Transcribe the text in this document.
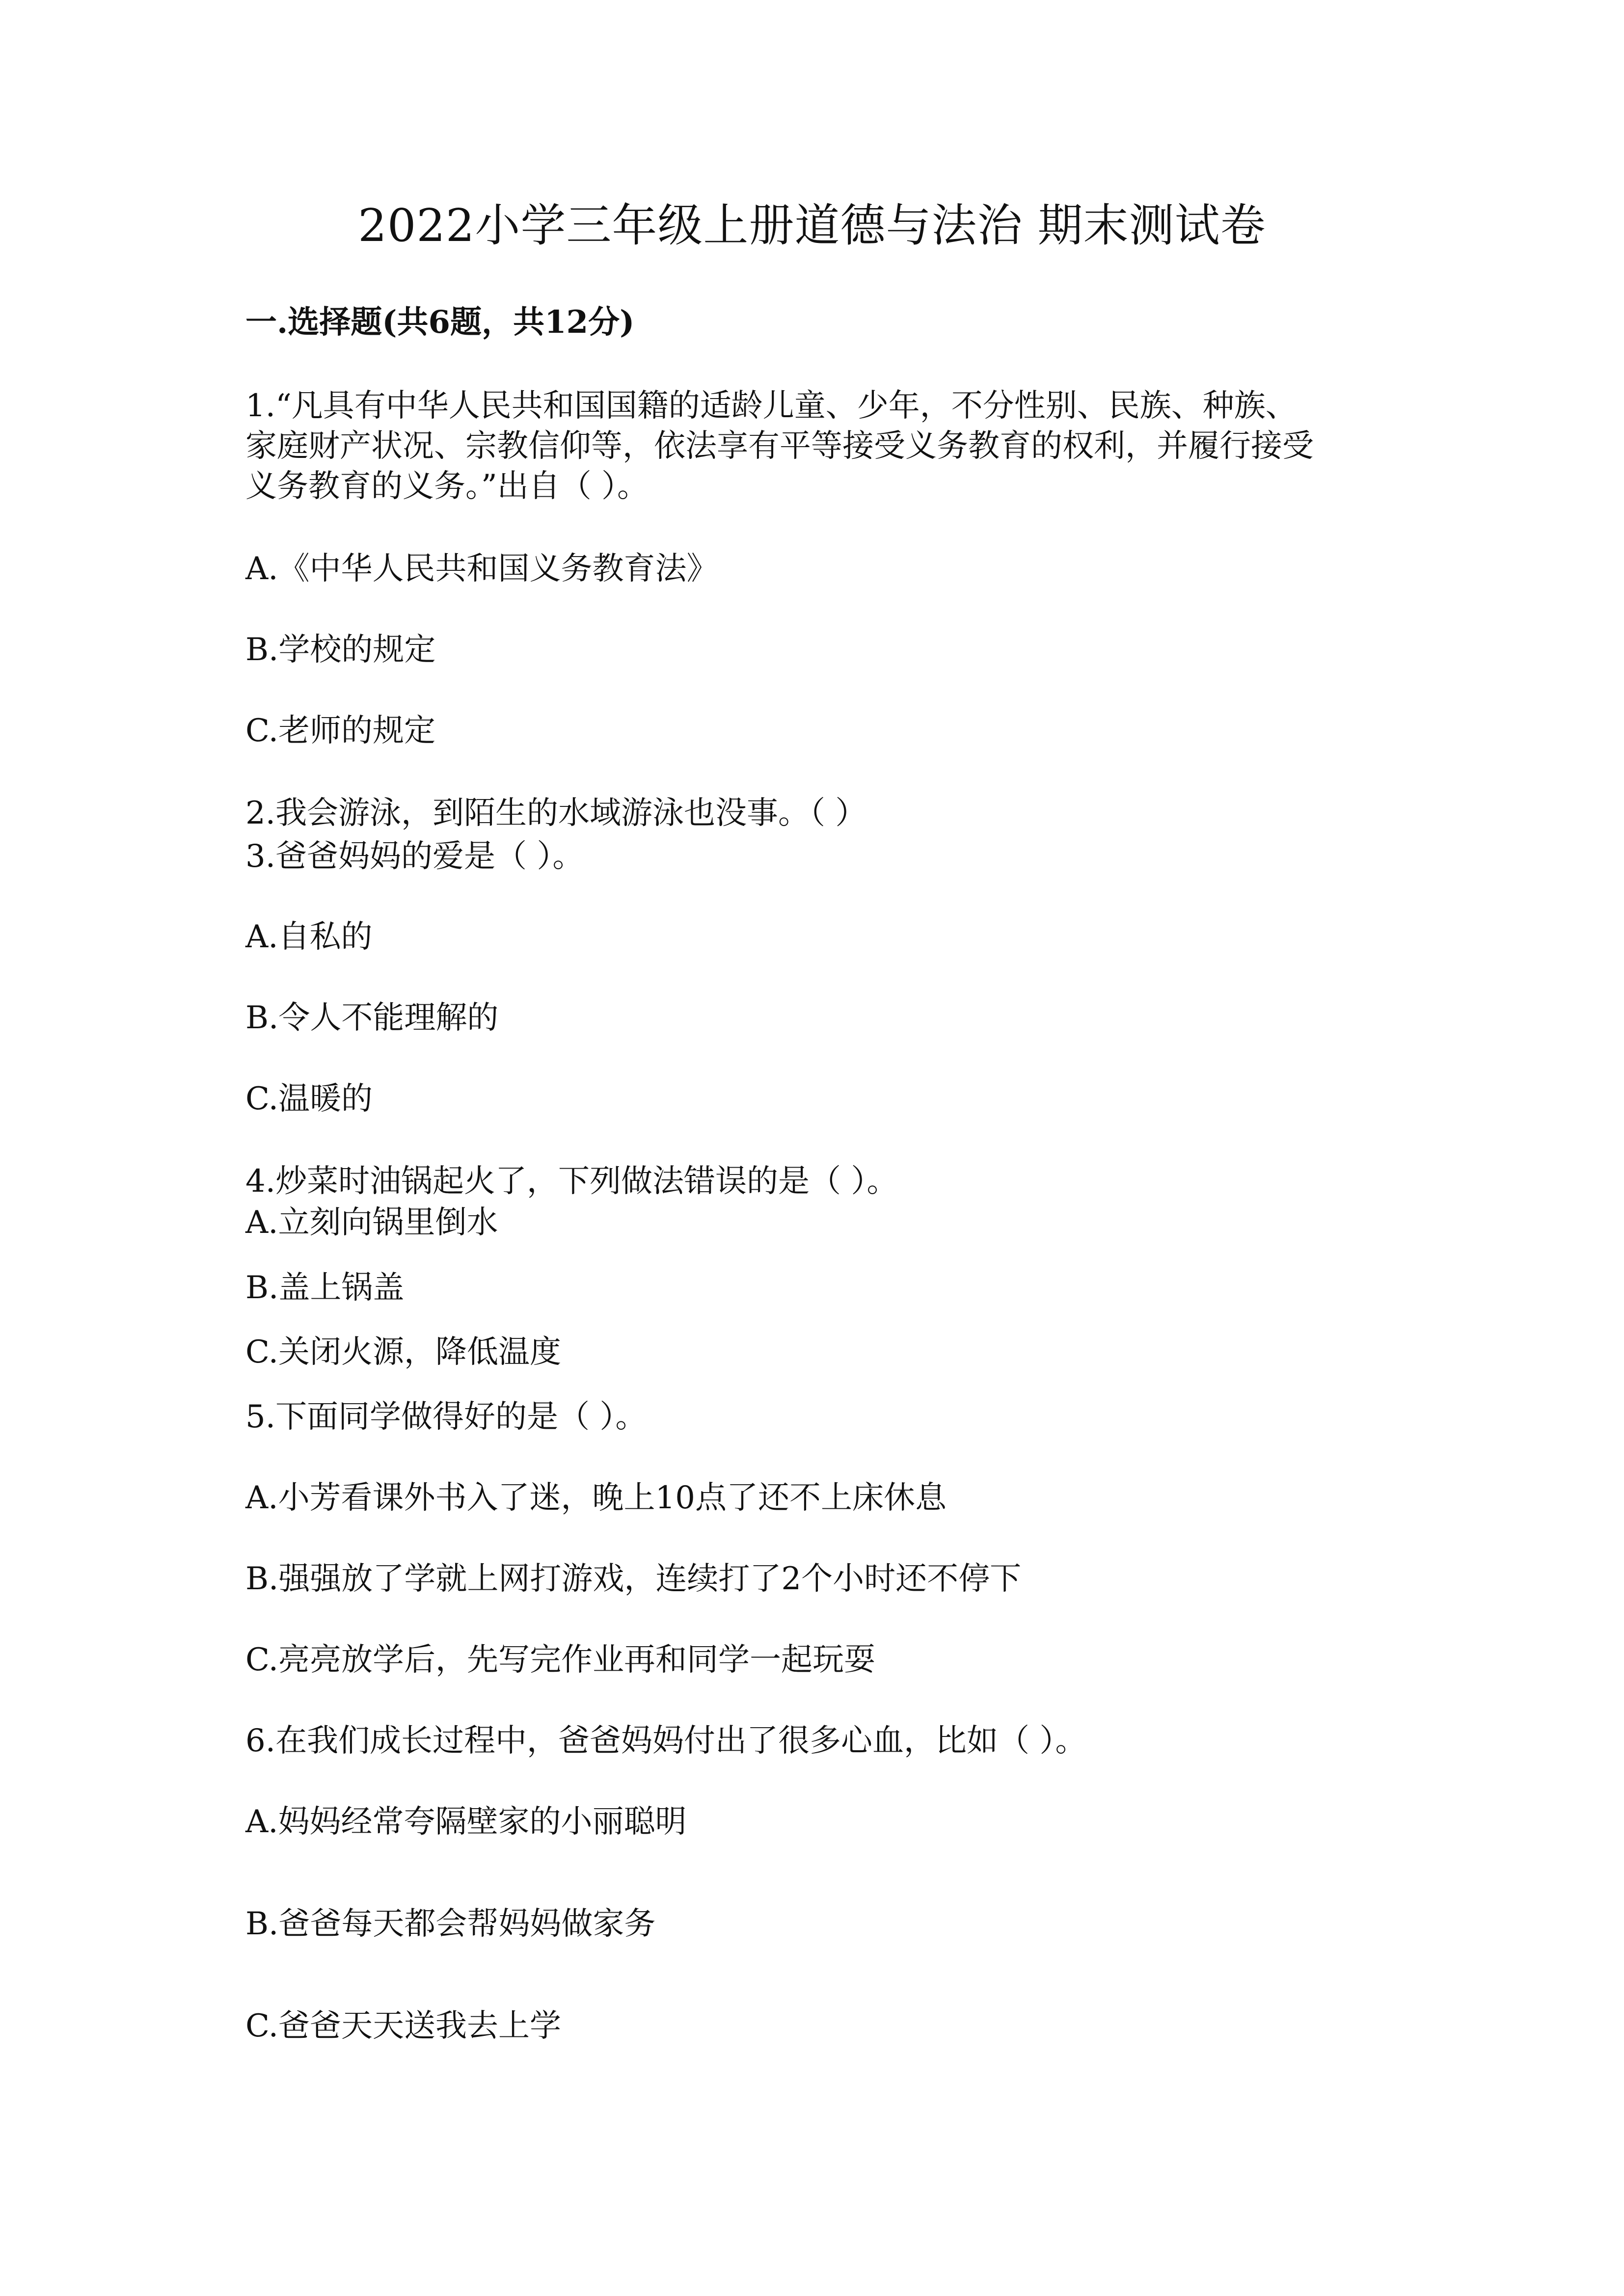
2022小学三年级上册道德与法治 期末测试卷
一.选择题(共6题，共12分)
1.“凡具有中华人民共和国国籍的适龄儿童、少年，不分性别、民族、种族、
家庭财产状况、宗教信仰等，依法享有平等接受义务教育的权利，并履行接受
义务教育的义务。”出自（ ）。
A.《中华人民共和国义务教育法》
B.学校的规定
C.老师的规定
2.我会游泳，到陌生的水域游泳也没事。（ ）
3.爸爸妈妈的爱是（ ）。
A.自私的
B.令人不能理解的
C.温暖的
4.炒菜时油锅起火了，下列做法错误的是（ ）。
A.立刻向锅里倒水
B.盖上锅盖
C.关闭火源，降低温度
5.下面同学做得好的是（ ）。
A.小芳看课外书入了迷，晚上10点了还不上床休息
B.强强放了学就上网打游戏，连续打了2个小时还不停下
C.亮亮放学后，先写完作业再和同学一起玩耍
6.在我们成长过程中，爸爸妈妈付出了很多心血，比如（ ）。
A.妈妈经常夸隔壁家的小丽聪明
B.爸爸每天都会帮妈妈做家务
C.爸爸天天送我去上学
